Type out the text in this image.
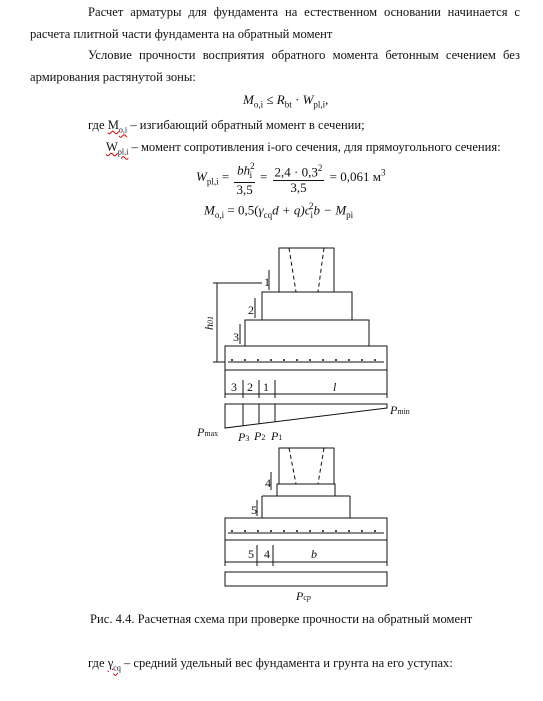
Расчет арматуры для фундамента на естественном основании начинается с
расчета плитной части фундамента на обратный момент
Условие прочности восприятия обратного момента бетонным сечением без
армирования растянутой зоны:
$M_{o,i} \le R_{bt} \cdot W_{pl,i}$,
где $M_{o,i}$ – изгибающий обратный момент в сечении;
$W_{pl,i}$ – момент сопротивления i-ого сечения, для прямоугольного сечения:
$W_{pl,i} = \frac{bh^2_i}{3,5} = \frac{2,4 \cdot 0,3^2}{3,5} = 0,061$ $м^3$
$M_{o,i} = 0,5(\gamma_{cq}d + q)c_i^2b - M_{pi}$
h01
1
2
3
3 2 1	l
Pmax
Pmin
P3 P2 P1
4
5
5 4	b
Pcp
Рис. 4.4. Расчетная схема при проверке прочности на обратный момент
где $\gamma_{cq}$ – средний удельный вес фундамента и грунта на его уступах:
